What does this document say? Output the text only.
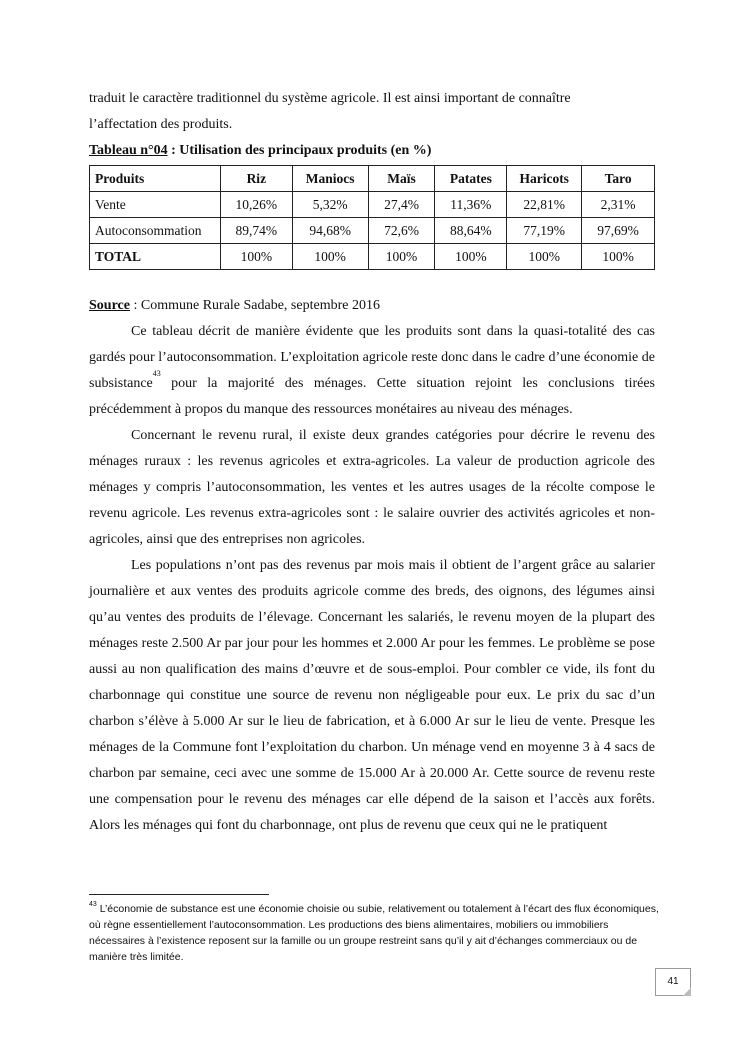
traduit le caractère traditionnel du système agricole. Il est ainsi important de connaître

l’affectation des produits.

Tableau n°04 : Utilisation des principaux produits (en %)

Produits	Riz	Maniocs	Maïs	Patates	Haricots	Taro
Vente	10,26%	5,32%	27,4%	11,36%	22,81%	2,31%
Autoconsommation	89,74%	94,68%	72,6%	88,64%	77,19%	97,69%
TOTAL	100%	100%	100%	100%	100%	100%

Source : Commune Rurale Sadabe, septembre 2016

Ce tableau décrit de manière évidente que les produits sont dans la quasi-totalité des cas gardés pour l’autoconsommation. L’exploitation agricole reste donc dans le cadre d’une économie de subsistance$^{43}$ pour la majorité des ménages. Cette situation rejoint les conclusions tirées précédemment à propos du manque des ressources monétaires au niveau des ménages.

Concernant le revenu rural, il existe deux grandes catégories pour décrire le revenu des ménages ruraux : les revenus agricoles et extra-agricoles. La valeur de production agricole des ménages y compris l’autoconsommation, les ventes et les autres usages de la récolte compose le revenu agricole. Les revenus extra-agricoles sont : le salaire ouvrier des activités agricoles et non-agricoles, ainsi que des entreprises non agricoles.

Les populations n’ont pas des revenus par mois mais il obtient de l’argent grâce au salarier journalière et aux ventes des produits agricole comme des breds, des oignons, des légumes ainsi qu’au ventes des produits de l’élevage. Concernant les salariés, le revenu moyen de la plupart des ménages reste 2.500 Ar par jour pour les hommes et 2.000 Ar pour les femmes. Le problème se pose aussi au non qualification des mains d’œuvre et de sous-emploi. Pour combler ce vide, ils font du charbonnage qui constitue une source de revenu non négligeable pour eux. Le prix du sac d’un charbon s’élève à 5.000 Ar sur le lieu de fabrication, et à 6.000 Ar sur le lieu de vente. Presque les ménages de la Commune font l’exploitation du charbon. Un ménage vend en moyenne 3 à 4 sacs de charbon par semaine, ceci avec une somme de 15.000 Ar à 20.000 Ar. Cette source de revenu reste une compensation pour le revenu des ménages car elle dépend de la saison et l’accès aux forêts. Alors les ménages qui font du charbonnage, ont plus de revenu que ceux qui ne le pratiquent

$^{43}$ L’économie de substance est une économie choisie ou subie, relativement ou totalement à l’écart des flux économiques, où règne essentiellement l’autoconsommation. Les productions des biens alimentaires, mobiliers ou immobiliers nécessaires à l’existence reposent sur la famille ou un groupe restreint sans qu’il y ait d’échanges commerciaux ou de manière très limitée.
41
